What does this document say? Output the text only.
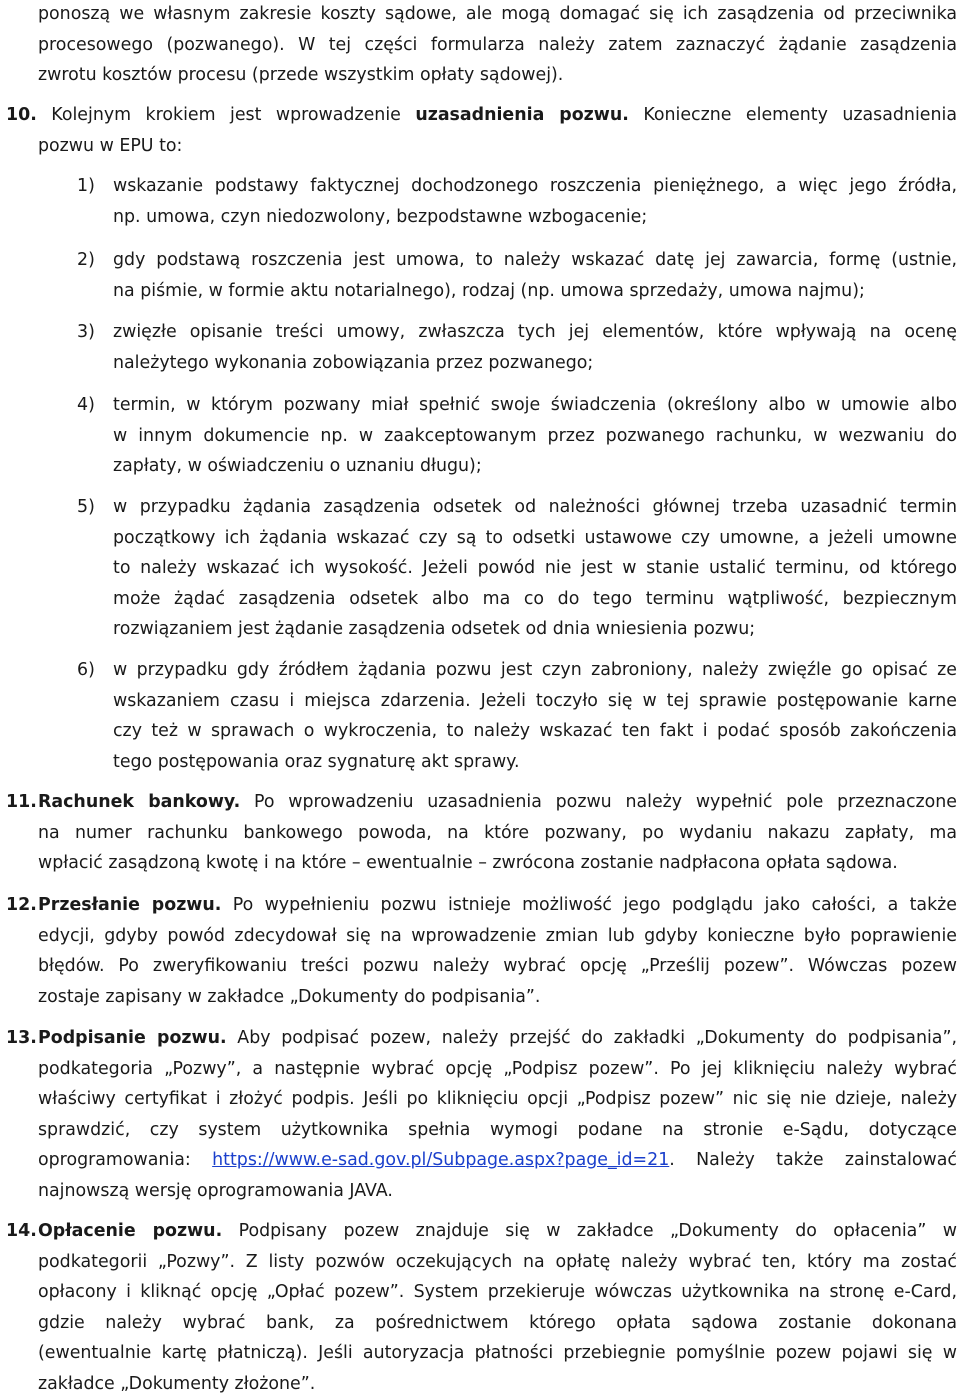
ponoszą we własnym zakresie koszty sądowe, ale mogą domagać się ich zasądzenia od przeciwnika
procesowego (pozwanego). W tej części formularza należy zatem zaznaczyć żądanie zasądzenia
zwrotu kosztów procesu (przede wszystkim opłaty sądowej).
10. Kolejnym krokiem jest wprowadzenie uzasadnienia pozwu. Konieczne elementy uzasadnienia
pozwu w EPU to:
1) wskazanie podstawy faktycznej dochodzonego roszczenia pieniężnego, a więc jego źródła,
np. umowa, czyn niedozwolony, bezpodstawne wzbogacenie;
2) gdy podstawą roszczenia jest umowa, to należy wskazać datę jej zawarcia, formę (ustnie,
na piśmie, w formie aktu notarialnego), rodzaj (np. umowa sprzedaży, umowa najmu);
3) zwięzłe opisanie treści umowy, zwłaszcza tych jej elementów, które wpływają na ocenę
należytego wykonania zobowiązania przez pozwanego;
4) termin, w którym pozwany miał spełnić swoje świadczenia (określony albo w umowie albo
w innym dokumencie np. w zaakceptowanym przez pozwanego rachunku, w wezwaniu do
zapłaty, w oświadczeniu o uznaniu długu);
5) w przypadku żądania zasądzenia odsetek od należności głównej trzeba uzasadnić termin
początkowy ich żądania wskazać czy są to odsetki ustawowe czy umowne, a jeżeli umowne
to należy wskazać ich wysokość. Jeżeli powód nie jest w stanie ustalić terminu, od którego
może żądać zasądzenia odsetek albo ma co do tego terminu wątpliwość, bezpiecznym
rozwiązaniem jest żądanie zasądzenia odsetek od dnia wniesienia pozwu;
6) w przypadku gdy źródłem żądania pozwu jest czyn zabroniony, należy zwięźle go opisać ze
wskazaniem czasu i miejsca zdarzenia. Jeżeli toczyło się w tej sprawie postępowanie karne
czy też w sprawach o wykroczenia, to należy wskazać ten fakt i podać sposób zakończenia
tego postępowania oraz sygnaturę akt sprawy.
11. Rachunek bankowy. Po wprowadzeniu uzasadnienia pozwu należy wypełnić pole przeznaczone
na numer rachunku bankowego powoda, na które pozwany, po wydaniu nakazu zapłaty, ma
wpłacić zasądzoną kwotę i na które – ewentualnie – zwrócona zostanie nadpłacona opłata sądowa.
12. Przesłanie pozwu. Po wypełnieniu pozwu istnieje możliwość jego podglądu jako całości, a także
edycji, gdyby powód zdecydował się na wprowadzenie zmian lub gdyby konieczne było poprawienie
błędów. Po zweryfikowaniu treści pozwu należy wybrać opcję „Prześlij pozew”. Wówczas pozew
zostaje zapisany w zakładce „Dokumenty do podpisania”.
13. Podpisanie pozwu. Aby podpisać pozew, należy przejść do zakładki „Dokumenty do podpisania”,
podkategoria „Pozwy”, a następnie wybrać opcję „Podpisz pozew”. Po jej kliknięciu należy wybrać
właściwy certyfikat i złożyć podpis. Jeśli po kliknięciu opcji „Podpisz pozew” nic się nie dzieje, należy
sprawdzić, czy system użytkownika spełnia wymogi podane na stronie e-Sądu, dotyczące
oprogramowania: https://www.e-sad.gov.pl/Subpage.aspx?page_id=21. Należy także zainstalować
najnowszą wersję oprogramowania JAVA.
14. Opłacenie pozwu. Podpisany pozew znajduje się w zakładce „Dokumenty do opłacenia” w
podkategorii „Pozwy”. Z listy pozwów oczekujących na opłatę należy wybrać ten, który ma zostać
opłacony i kliknąć opcję „Opłać pozew”. System przekieruje wówczas użytkownika na stronę e-Card,
gdzie należy wybrać bank, za pośrednictwem którego opłata sądowa zostanie dokonana
(ewentualnie kartę płatniczą). Jeśli autoryzacja płatności przebiegnie pomyślnie pozew pojawi się w
zakładce „Dokumenty złożone”.
